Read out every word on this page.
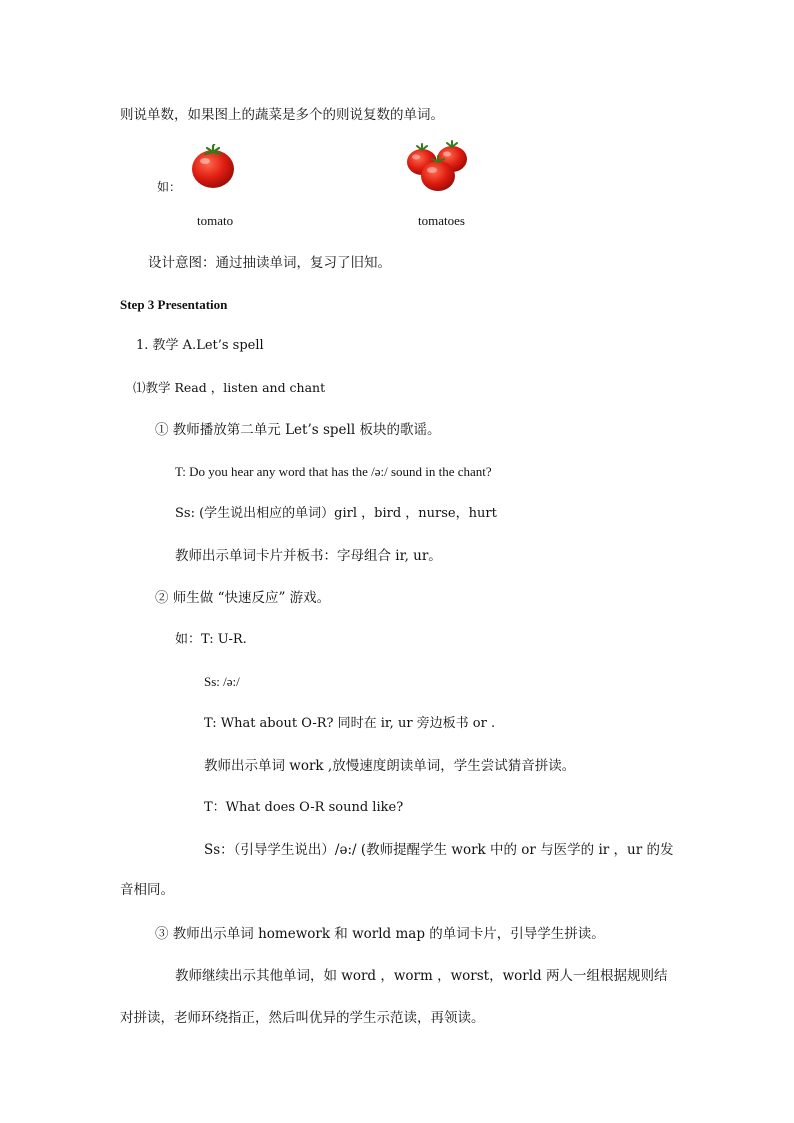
则说单数，如果图上的蔬菜是多个的则说复数的单词。
如：
tomato	tomatoes
设计意图：通过抽读单词，复习了旧知。
Step 3 Presentation
1. 教学 A.Let’s spell
⑴教学 Read ，listen and chant
① 教师播放第二单元 Let’s spell 板块的歌谣。
T: Do you hear any word that has the /ə:/ sound in the chant?
Ss: (学生说出相应的单词）girl ，bird ，nurse，hurt
教师出示单词卡片并板书：字母组合 ir, ur。
② 师生做 “快速反应” 游戏。
如：T: U-R.
Ss: /ə:/
T: What about O-R? 同时在 ir, ur 旁边板书 or .
教师出示单词 work ,放慢速度朗读单词，学生尝试猜音拼读。
T：What does O-R sound like?
Ss：（引导学生说出）/ə:/ (教师提醒学生 work 中的 or 与医学的 ir ，ur 的发
音相同。
③ 教师出示单词 homework 和 world map 的单词卡片，引导学生拼读。
教师继续出示其他单词，如 word ，worm ，worst，world 两人一组根据规则结
对拼读，老师环绕指正，然后叫优异的学生示范读，再领读。
